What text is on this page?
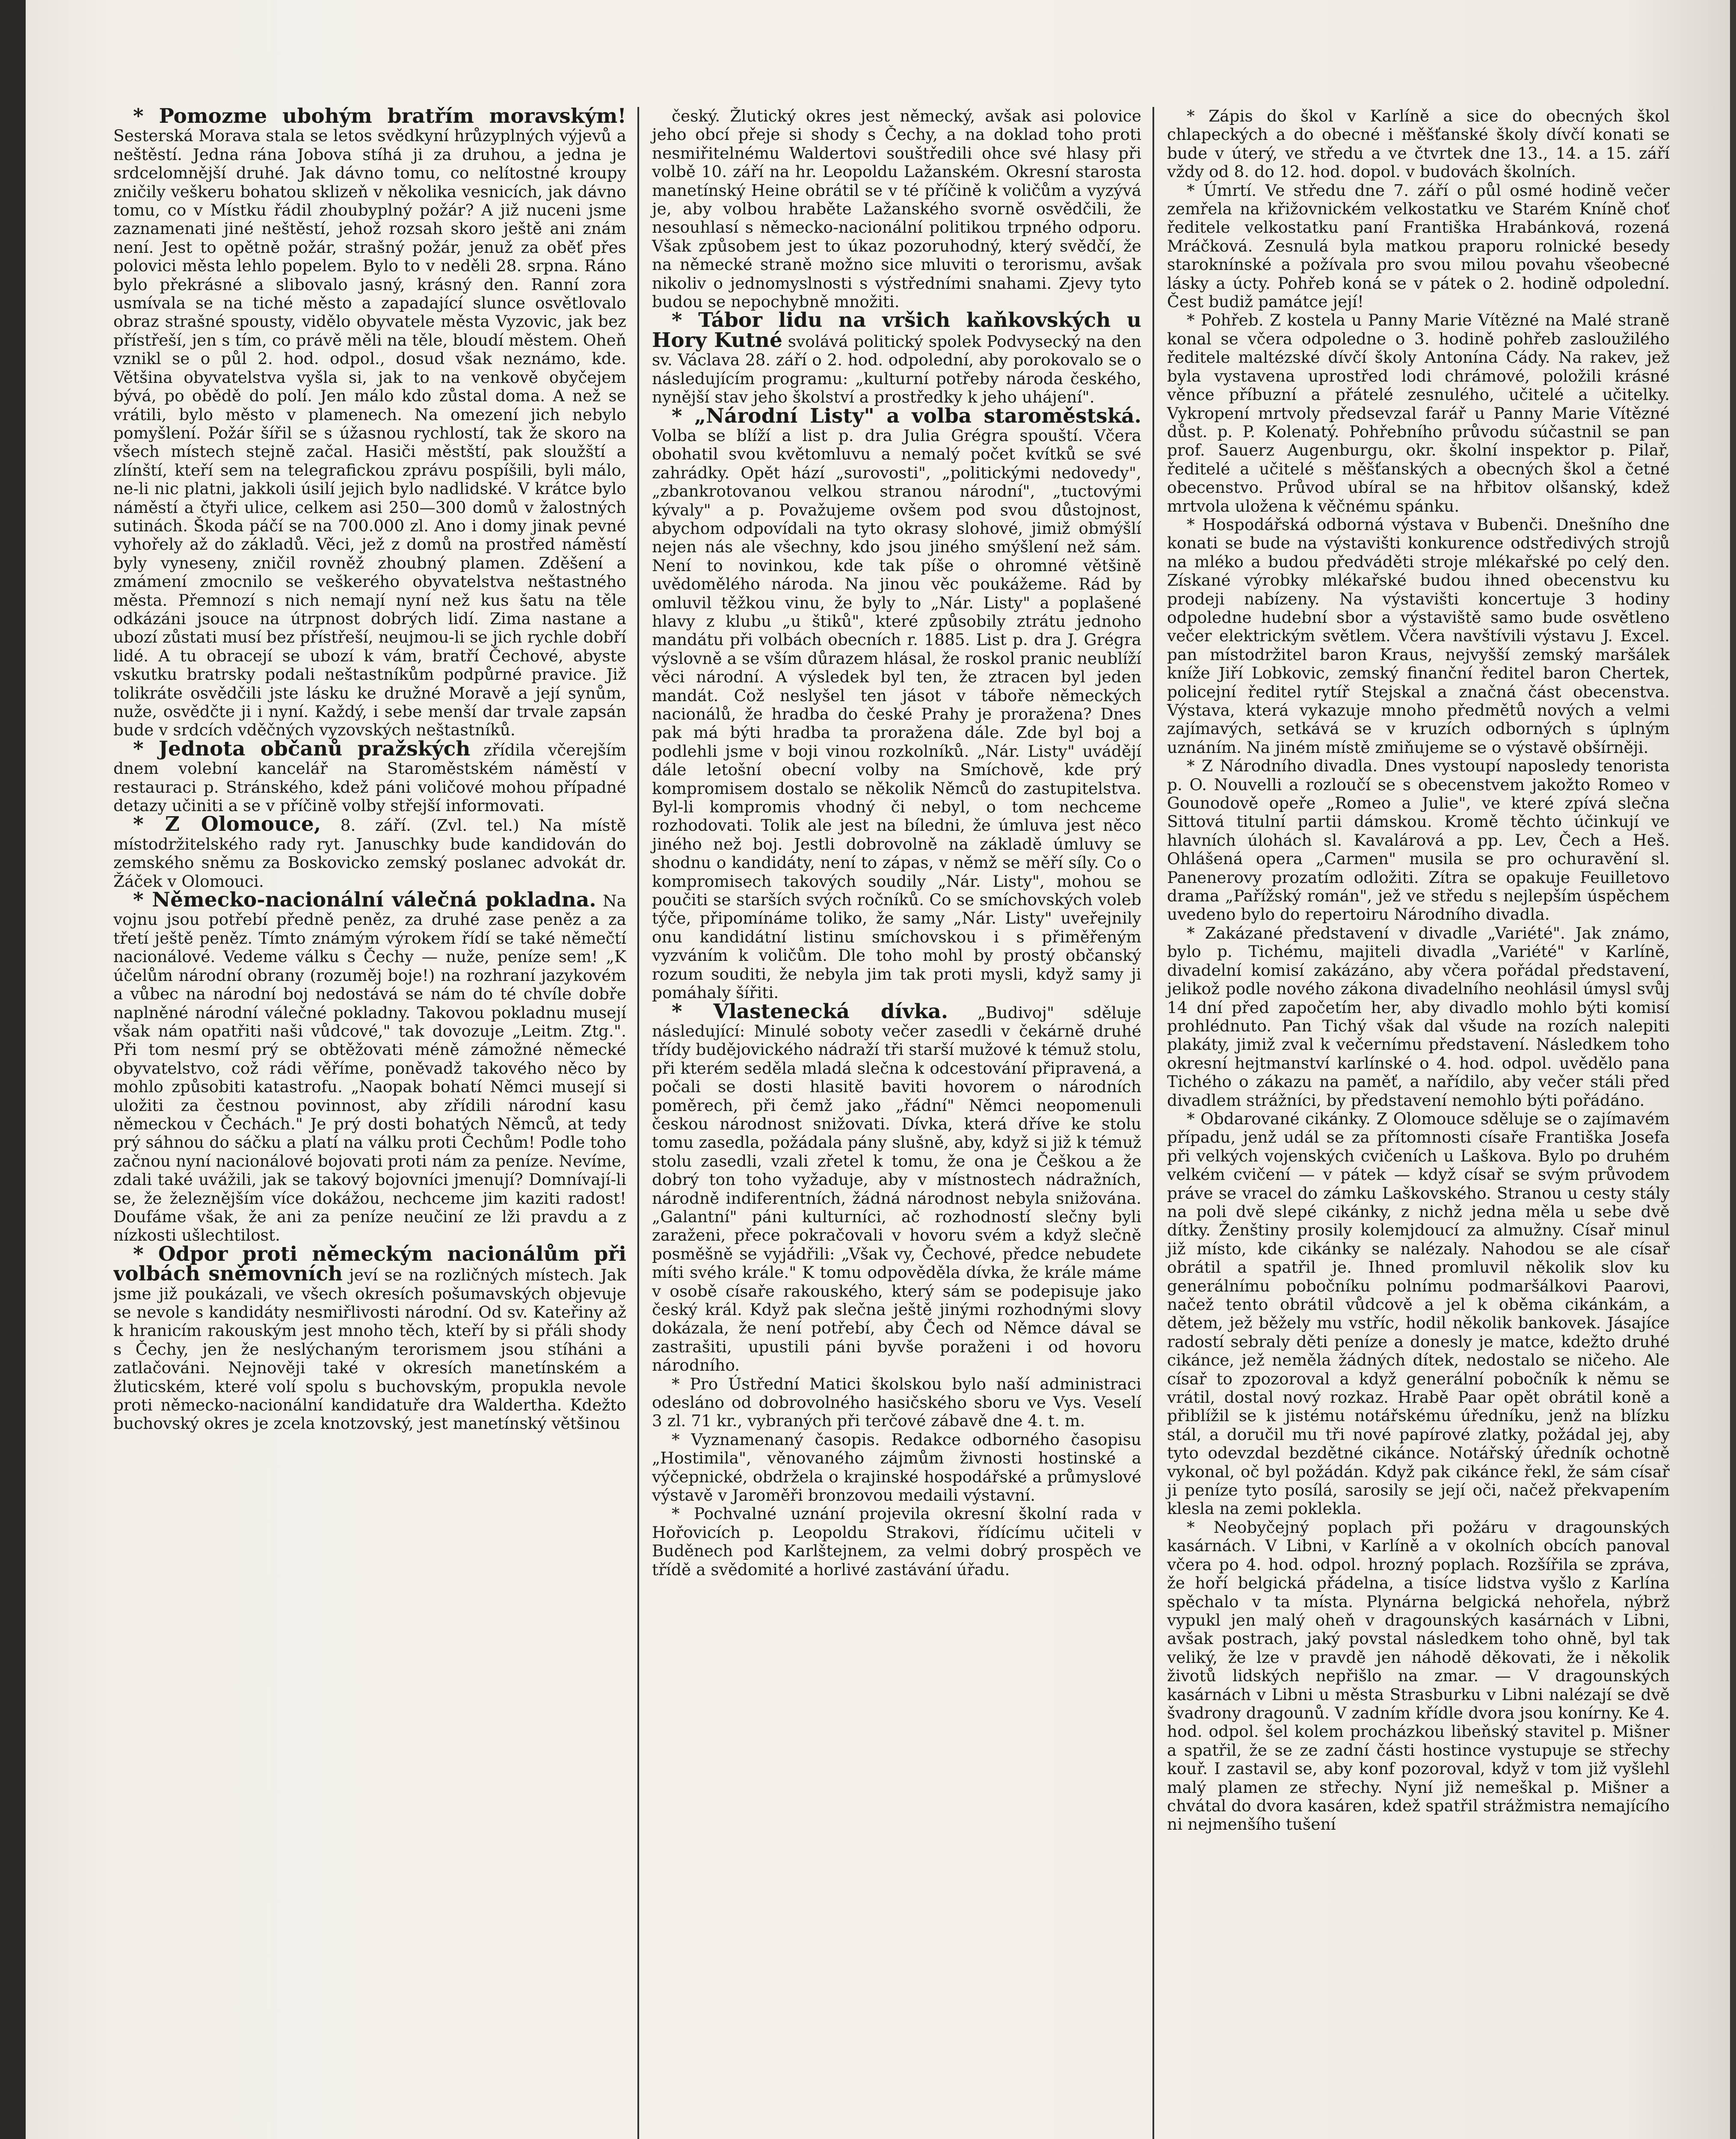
* Pomozme ubohým bratřím moravským! Sesterská Morava stala se letos svědkyní hrůzyplných výjevů a neštěstí. Jedna rána Jobova stíhá ji za druhou, a jedna je srdcelomnější druhé. Jak dávno tomu, co nelítostné kroupy zničily veškeru bohatou sklizeň v několika vesnicích, jak dávno tomu, co v Místku řádil zhoubyplný požár? A již nuceni jsme zaznamenati jiné neštěstí, jehož rozsah skoro ještě ani znám není. Jest to opětně požár, strašný požár, jenuž za oběť přes polovici města lehlo popelem. Bylo to v neděli 28. srpna. Ráno bylo překrásné a slibovalo jasný, krásný den. Ranní zora usmívala se na tiché město a zapadající slunce osvětlovalo obraz strašné spousty, vidělo obyvatele města Vyzovic, jak bez přístřeší, jen s tím, co právě měli na těle, bloudí městem. Oheň vznikl se o půl 2. hod. odpol., dosud však neznámo, kde. Většina obyvatelstva vyšla si, jak to na venkově obyčejem bývá, po obědě do polí. Jen málo kdo zůstal doma. A než se vrátili, bylo město v plamenech. Na omezení jich nebylo pomyšlení. Požár šířil se s úžasnou rychlostí, tak že skoro na všech místech stejně začal. Hasiči městští, pak sloužští a zlínští, kteří sem na telegrafickou zprávu pospíšili, byli málo, ne-li nic platni, jakkoli úsilí jejich bylo nadlidské. V krátce bylo náměstí a čtyři ulice, celkem asi 250—300 domů v žalostných sutinách. Škoda páčí se na 700.000 zl. Ano i domy jinak pevné vyhořely až do základů. Věci, jež z domů na prostřed náměstí byly vyneseny, zničil rovněž zhoubný plamen. Zděšení a zmámení zmocnilo se veškerého obyvatelstva neštastného města. Přemnozí s nich nemají nyní než kus šatu na těle odkázáni jsouce na útrpnost dobrých lidí. Zima nastane a ubozí zůstati musí bez přístřeší, neujmou-li se jich rychle dobří lidé. A tu obracejí se ubozí k vám, bratří Čechové, abyste vskutku bratrsky podali neštastníkům podpůrné pravice. Již tolikráte osvědčili jste lásku ke družné Moravě a její synům, nuže, osvědčte ji i nyní. Každý, i sebe menší dar trvale zapsán bude v srdcích vděčných vyzovských neštastníků.

* Jednota občanů pražských zřídila včerejším dnem volební kancelář na Staroměstském náměstí v restauraci p. Stránského, kdež páni voličové mohou případné detazy učiniti a se v příčině volby střejší informovati.

* Z Olomouce, 8. září. (Zvl. tel.) Na místě místodržitelského rady ryt. Januschky bude kandidován do zemského sněmu za Boskovicko zemský poslanec advokát dr. Žáček v Olomouci.

* Německo-nacionální válečná pokladna. Na vojnu jsou potřebí předně peněz, za druhé zase peněz a za třetí ještě peněz. Tímto známým výrokem řídí se také němečtí nacionálové. Vedeme válku s Čechy — nuže, peníze sem! „K účelům národní obrany (rozuměj boje!) na rozhraní jazykovém a vůbec na národní boj nedostává se nám do té chvíle dobře naplněné národní válečné pokladny. Takovou pokladnu musejí však nám opatřiti naši vůdcové," tak dovozuje „Leitm. Ztg.". Při tom nesmí prý se obtěžovati méně zámožné německé obyvatelstvo, což rádi věříme, poněvadž takového něco by mohlo způsobiti katastrofu. „Naopak bohatí Němci musejí si uložiti za čestnou povinnost, aby zřídili národní kasu německou v Čechách." Je prý dosti bohatých Němců, at tedy prý sáhnou do sáčku a platí na válku proti Čechům! Podle toho začnou nyní nacionálové bojovati proti nám za peníze. Nevíme, zdali také uvážili, jak se takový bojovníci jmenují? Domnívají-li se, že železnějším více dokážou, nechceme jim kaziti radost! Doufáme však, že ani za peníze neučiní ze lži pravdu a z nízkosti ušlechtilost.

* Odpor proti německým nacionálům při volbách sněmovních jeví se na rozličných místech. Jak jsme již poukázali, ve všech okresích pošumavských objevuje se nevole s kandidáty nesmiřlivosti národní. Od sv. Kateřiny až k hranicím rakouským jest mnoho těch, kteří by si přáli shody s Čechy, jen že neslýchaným terorismem jsou stíháni a zatlačováni. Nejnověji také v okresích manetínském a žluticském, které volí spolu s buchovským, propukla nevole proti německo-nacionální kandidatuře dra Waldertha. Kdežto buchovský okres je zcela knotzovský, jest manetínský většinou

český. Žlutický okres jest německý, avšak asi polovice jeho obcí přeje si shody s Čechy, a na doklad toho proti nesmiřitelnému Waldertovi souštředili ohce své hlasy při volbě 10. září na hr. Leopoldu Lažanském. Okresní starosta manetínský Heine obrátil se v té příčině k voličům a vyzývá je, aby volbou hraběte Lažanského svorně osvědčili, že nesouhlasí s německo-nacionální politikou trpného odporu. Však způsobem jest to úkaz pozoruhodný, který svědčí, že na německé straně možno sice mluviti o terorismu, avšak nikoliv o jednomyslnosti s výstředními snahami. Zjevy tyto budou se nepochybně množiti.

* Tábor lidu na vršich kaňkovských u Hory Kutné svolává politický spolek Podvysecký na den sv. Václava 28. září o 2. hod. odpolední, aby porokovalo se o následujícím programu: „kulturní potřeby národa českého, nynější stav jeho školství a prostředky k jeho uhájení".

* „Národní Listy" a volba staroměstská. Volba se blíží a list p. dra Julia Grégra spouští. Včera obohatil svou květomluvu a nemalý počet kvítků se své zahrádky. Opět hází „surovosti", „politickými nedovedy", „zbankrotovanou velkou stranou národní", „tuctovými kývaly" a p. Považujeme ovšem pod svou důstojnost, abychom odpovídali na tyto okrasy slohové, jimiž obmýšlí nejen nás ale všechny, kdo jsou jiného smýšlení než sám. Není to novinkou, kde tak píše o ohromné většině uvědomělého národa. Na jinou věc poukážeme. Rád by omluvil těžkou vinu, že byly to „Nár. Listy" a poplašené hlavy z klubu „u štiků", které způsobily ztrátu jednoho mandátu při volbách obecních r. 1885. List p. dra J. Grégra výslovně a se vším důrazem hlásal, že roskol pranic neublíží věci národní. A výsledek byl ten, že ztracen byl jeden mandát. Což neslyšel ten jásot v táboře německých nacionálů, že hradba do české Prahy je proražena? Dnes pak má býti hradba ta proražena dále. Zde byl boj a podlehli jsme v boji vinou rozkolníků. „Nár. Listy" uvádějí dále letošní obecní volby na Smíchově, kde prý kompromisem dostalo se několik Němců do zastupitelstva. Byl-li kompromis vhodný či nebyl, o tom nechceme rozhodovati. Tolik ale jest na bíledni, že úmluva jest něco jiného než boj. Jestli dobrovolně na základě úmluvy se shodnu o kandidáty, není to zápas, v němž se měří síly. Co o kompromisech takových soudily „Nár. Listy", mohou se poučiti se starších svých ročníků. Co se smíchovských voleb týče, připomínáme toliko, že samy „Nár. Listy" uveřejnily onu kandidátní listinu smíchovskou i s přiměřeným vyzváním k voličům. Dle toho mohl by prostý občanský rozum souditi, že nebyla jim tak proti mysli, když samy ji pomáhaly šířiti.

* Vlastenecká dívka. „Budivoj" sděluje následující: Minulé soboty večer zasedli v čekárně druhé třídy budějovického nádraží tři starší mužové k témuž stolu, při kterém seděla mladá slečna k odcestování připravená, a počali se dosti hlasitě baviti hovorem o národních poměrech, při čemž jako „řádní" Němci neopomenuli českou národnost snižovati. Dívka, která dříve ke stolu tomu zasedla, požádala pány slušně, aby, když si již k témuž stolu zasedli, vzali zřetel k tomu, že ona je Češkou a že dobrý ton toho vyžaduje, aby v místnostech nádražních, národně indiferentních, žádná národnost nebyla snižována. „Galantní" páni kulturníci, ač rozhodností slečny byli zaraženi, přece pokračovali v hovoru svém a když slečně posměšně se vyjádřili: „Však vy, Čechové, předce nebudete míti svého krále." K tomu odpověděla dívka, že krále máme v osobě císaře rakouského, který sám se podepisuje jako český král. Když pak slečna ještě jinými rozhodnými slovy dokázala, že není potřebí, aby Čech od Němce dával se zastrašiti, upustili páni byvše poraženi i od hovoru národního.

* Pro Ústřední Matici školskou bylo naší administraci odesláno od dobrovolného hasičského sboru ve Vys. Veselí 3 zl. 71 kr., vybraných při terčové zábavě dne 4. t. m.

* Vyznamenaný časopis. Redakce odborného časopisu „Hostimila", věnovaného zájmům živnosti hostinské a výčepnické, obdržela o krajinské hospodářské a průmyslové výstavě v Jaroměři bronzovou medaili výstavní.

* Pochvalné uznání projevila okresní školní rada v Hořovicích p. Leopoldu Strakovi, řídícímu učiteli v Buděnech pod Karlštejnem, za velmi dobrý prospěch ve třídě a svědomité a horlivé zastávání úřadu.

* Zápis do škol v Karlíně a sice do obecných škol chlapeckých a do obecné i měšťanské školy dívčí konati se bude v úterý, ve středu a ve čtvrtek dne 13., 14. a 15. září vždy od 8. do 12. hod. dopol. v budovách školních.

* Úmrtí. Ve středu dne 7. září o půl osmé hodině večer zemřela na křižovnickém velkostatku ve Starém Kníně choť ředitele velkostatku paní Františka Hrabánková, rozená Mráčková. Zesnulá byla matkou praporu rolnické besedy staroknínské a požívala pro svou milou povahu všeobecné lásky a úcty. Pohřeb koná se v pátek o 2. hodině odpolední. Čest budiž památce její!

* Pohřeb. Z kostela u Panny Marie Vítězné na Malé straně konal se včera odpoledne o 3. hodině pohřeb zasloužilého ředitele maltézské dívčí školy Antonína Cády. Na rakev, jež byla vystavena uprostřed lodi chrámové, položili krásné věnce příbuzní a přátelé zesnulého, učitelé a učitelky. Vykropení mrtvoly předsevzal farář u Panny Marie Vítězné důst. p. P. Kolenatý. Pohřebního průvodu súčastnil se pan prof. Sauerz Augenburgu, okr. školní inspektor p. Pilař, ředitelé a učitelé s měšťanských a obecných škol a četné obecenstvo. Průvod ubíral se na hřbitov olšanský, kdež mrtvola uložena k věčnému spánku.

* Hospodářská odborná výstava v Bubenči. Dnešního dne konati se bude na výstavišti konkurence odstředivých strojů na mléko a budou předváděti stroje mlékařské po celý den. Získané výrobky mlékařské budou ihned obecenstvu ku prodeji nabízeny. Na výstavišti koncertuje 3 hodiny odpoledne hudební sbor a výstaviště samo bude osvětleno večer elektrickým světlem. Včera navštívili výstavu J. Excel. pan místodržitel baron Kraus, nejvyšší zemský maršálek kníže Jiří Lobkovic, zemský finanční ředitel baron Chertek, policejní ředitel rytíř Stejskal a značná část obecenstva. Výstava, která vykazuje mnoho předmětů nových a velmi zajímavých, setkává se v kruzích odborných s úplným uznáním. Na jiném místě zmiňujeme se o výstavě obšírněji.

* Z Národního divadla. Dnes vystoupí naposledy tenorista p. O. Nouvelli a rozloučí se s obecenstvem jakožto Romeo v Gounodově opeře „Romeo a Julie", ve které zpívá slečna Sittová titulní partii dámskou. Kromě těchto účinkují ve hlavních úlohách sl. Kavalárová a pp. Lev, Čech a Heš. Ohlášená opera „Carmen" musila se pro ochuravění sl. Panenerovy prozatím odložiti. Zítra se opakuje Feuilletovo drama „Pařížský román", jež ve středu s nejlepším úspěchem uvedeno bylo do repertoiru Národního divadla.

* Zakázané představení v divadle „Variété". Jak známo, bylo p. Tichému, majiteli divadla „Variété" v Karlíně, divadelní komisí zakázáno, aby včera pořádal představení, jelikož podle nového zákona divadelního neohlásil úmysl svůj 14 dní před započetím her, aby divadlo mohlo býti komisí prohlédnuto. Pan Tichý však dal všude na rozích nalepiti plakáty, jimiž zval k večernímu představení. Následkem toho okresní hejtmanství karlínské o 4. hod. odpol. uvědělo pana Tichého o zákazu na paměť, a nařídilo, aby večer stáli před divadlem strážníci, by představení nemohlo býti pořádáno.

* Obdarované cikánky. Z Olomouce sděluje se o zajímavém případu, jenž udál se za přítomnosti císaře Františka Josefa při velkých vojenských cvičeních u Laškova. Bylo po druhém velkém cvičení — v pátek — když císař se svým průvodem práve se vracel do zámku Laškovského. Stranou u cesty stály na poli dvě slepé cikánky, z nichž jedna měla u sebe dvě dítky. Ženštiny prosily kolemjdoucí za almužny. Císař minul již místo, kde cikánky se nalézaly. Nahodou se ale císař obrátil a spatřil je. Ihned promluvil několik slov ku generálnímu pobočníku polnímu podmaršálkovi Paarovi, načež tento obrátil vůdcově a jel k oběma cikánkám, a dětem, jež běžely mu vstříc, hodil několik bankovek. Jásajíce radostí sebraly děti peníze a donesly je matce, kdežto druhé cikánce, jež neměla žádných dítek, nedostalo se ničeho. Ale císař to zpozoroval a když generální pobočník k němu se vrátil, dostal nový rozkaz. Hrabě Paar opět obrátil koně a přiblížil se k jistému notářskému úředníku, jenž na blízku stál, a doručil mu tři nové papírové zlatky, požádal jej, aby tyto odevzdal bezdětné cikánce. Notářský úředník ochotně vykonal, oč byl požádán. Když pak cikánce řekl, že sám císař ji peníze tyto posílá, sarosily se její oči, načež překvapením klesla na zemi poklekla.

* Neobyčejný poplach při požáru v dragounských kasárnách. V Libni, v Karlíně a v okolních obcích panoval včera po 4. hod. odpol. hrozný poplach. Rozšířila se zpráva, že hoří belgická přádelna, a tisíce lidstva vyšlo z Karlína spěchalo v ta místa. Plynárna belgická nehořela, nýbrž vypukl jen malý oheň v dragounských kasárnách v Libni, avšak postrach, jaký povstal následkem toho ohně, byl tak veliký, že lze v pravdě jen náhodě děkovati, že i několik životů lidských nepřišlo na zmar. — V dragounských kasárnách v Libni u města Strasburku v Libni nalézají se dvě švadrony dragounů. V zadním křídle dvora jsou konírny. Ke 4. hod. odpol. šel kolem procházkou libeňský stavitel p. Mišner a spatřil, že se ze zadní části hostince vystupuje se střechy kouř. I zastavil se, aby konf pozoroval, když v tom již vyšlehl malý plamen ze střechy. Nyní již nemeškal p. Mišner a chvátal do dvora kasáren, kdež spatřil strážmistra nemajícího ni nejmenšího tušení
